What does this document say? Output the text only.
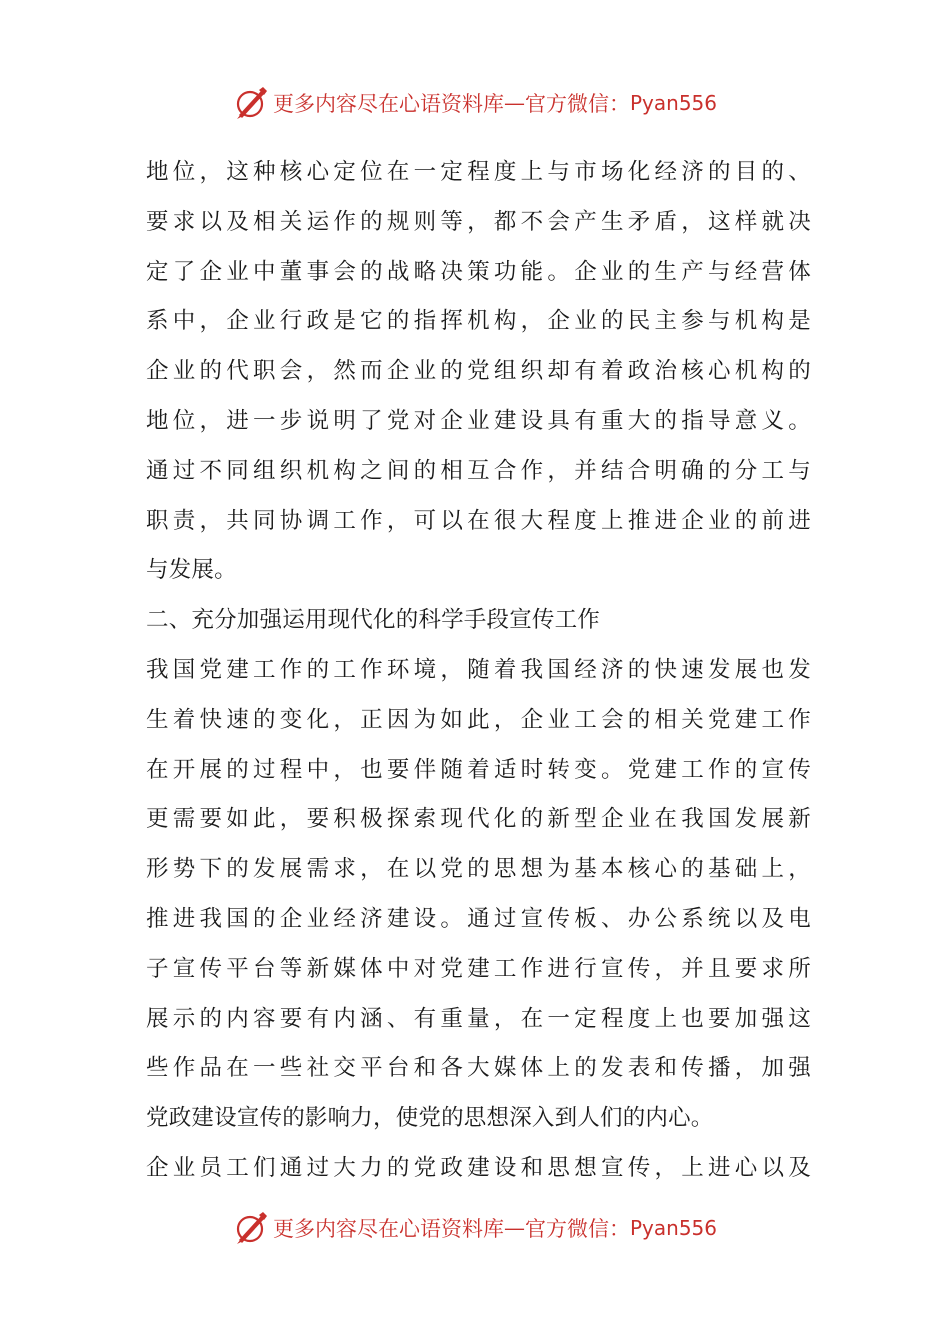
更多内容尽在心语资料库 — 官方微信： Pyan556
地位，这种核心定位在一定程度上与市场化经济的目的、
要求以及相关运作的规则等，都不会产生矛盾，这样就决
定了企业中董事会的战略决策功能。企业的生产与经营体
系中，企业行政是它的指挥机构，企业的民主参与机构是
企业的代职会，然而企业的党组织却有着政治核心机构的
地位，进一步说明了党对企业建设具有重大的指导意义。
通过不同组织机构之间的相互合作，并结合明确的分工与
职责，共同协调工作，可以在很大程度上推进企业的前进
与发展。
二、充分加强运用现代化的科学手段宣传工作
我国党建工作的工作环境，随着我国经济的快速发展也发
生着快速的变化，正因为如此，企业工会的相关党建工作
在开展的过程中，也要伴随着适时转变。党建工作的宣传
更需要如此，要积极探索现代化的新型企业在我国发展新
形势下的发展需求，在以党的思想为基本核心的基础上，
推进我国的企业经济建设。通过宣传板、办公系统以及电
子宣传平台等新媒体中对党建工作进行宣传，并且要求所
展示的内容要有内涵、有重量，在一定程度上也要加强这
些作品在一些社交平台和各大媒体上的发表和传播，加强
党政建设宣传的影响力，使党的思想深入到人们的内心。
企业员工们通过大力的党政建设和思想宣传，上进心以及
更多内容尽在心语资料库 — 官方微信： Pyan556
